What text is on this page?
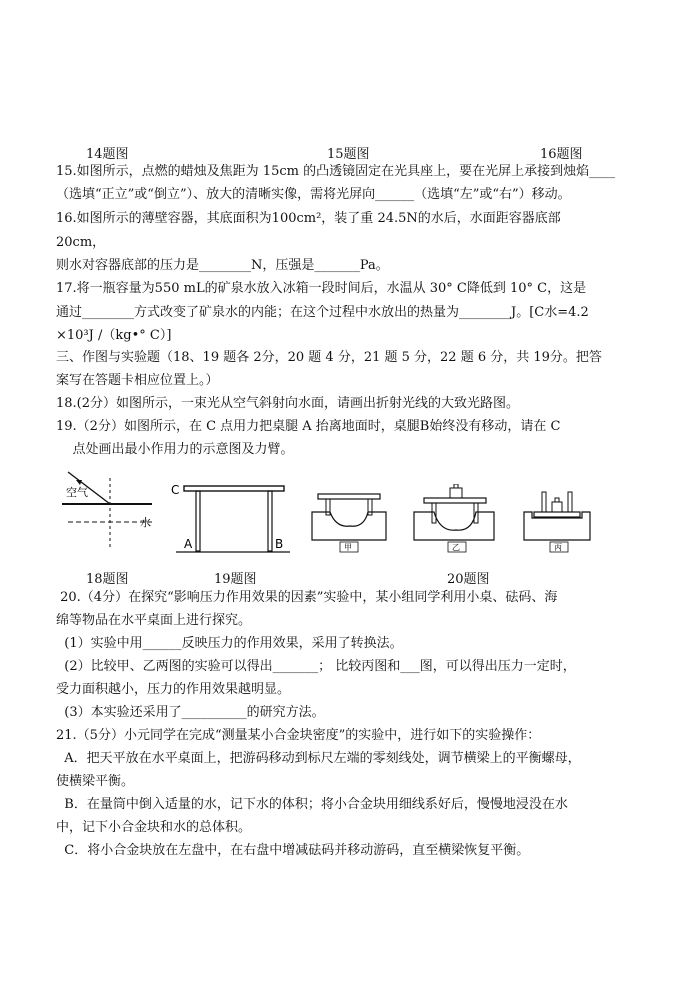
14题图	15题图	16题图
15.如图所示，点燃的蜡烛及焦距为 15cm 的凸透镜固定在光具座上，要在光屏上承接到烛焰____
（选填“正立”或“倒立”）、放大的清晰实像，需将光屏向______（选填“左”或“右”）移动。
16.如图所示的薄壁容器，其底面积为100cm²，装了重 24.5N的水后，水面距容器底部
20cm，
则水对容器底部的压力是________N，压强是_______Pa。
17.将一瓶容量为550 mL的矿泉水放入冰箱一段时间后，水温从 30° C降低到 10° C，这是
通过________方式改变了矿泉水的内能；在这个过程中水放出的热量为________J。[C水=4.2
×10³J /（kg•° C）]
三、作图与实验题（18、19 题各 2分，20 题 4 分，21 题 5 分，22 题 6 分，共 19分。把答
案写在答题卡相应位置上。）
18.(2分）如图所示，一束光从空气斜射向水面，请画出折射光线的大致光路图。
19.（2分）如图所示，在 C 点用力把桌腿 A 抬离地面时，桌腿B始终没有移动，请在 C
点处画出最小作用力的示意图及力臂。
空气
水
C
A	B	甲	乙	丙
18题图	19题图	20题图
20.（4分）在探究“影响压力作用效果的因素”实验中，某小组同学利用小桌、砝码、海
绵等物品在水平桌面上进行探究。
(1）实验中用______反映压力的作用效果，采用了转换法。
(2）比较甲、乙两图的实验可以得出_______； 比较丙图和___图，可以得出压力一定时，
受力面积越小，压力的作用效果越明显。
(3）本实验还采用了__________的研究方法。
21.（5分）小元同学在完成“测量某小合金块密度”的实验中，进行如下的实验操作：
A．把天平放在水平桌面上，把游码移动到标尺左端的零刻线处，调节横梁上的平衡螺母，
使横梁平衡。
B．在量筒中倒入适量的水，记下水的体积；将小合金块用细线系好后，慢慢地浸没在水
中，记下小合金块和水的总体积。
C．将小合金块放在左盘中，在右盘中增减砝码并移动游码，直至横梁恢复平衡。
